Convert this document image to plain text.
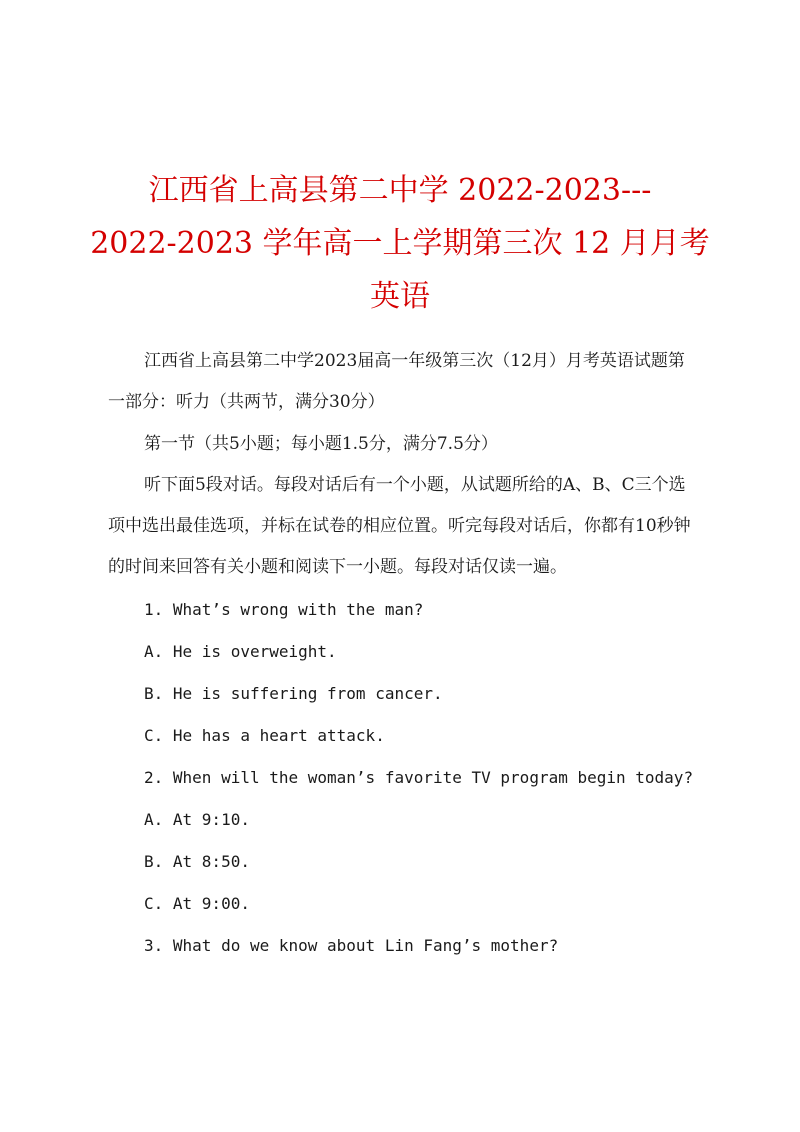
江西省上高县第二中学 2022-2023---
2022-2023 学年高一上学期第三次 12 月月考
英语
江西省上高县第二中学2023届高一年级第三次（12月）月考英语试题第一部分：听力（共两节，满分30分）
第一节（共5小题；每小题1.5分，满分7.5分）
听下面5段对话。每段对话后有一个小题，从试题所给的A、B、C三个选项中选出最佳选项，并标在试卷的相应位置。听完每段对话后，你都有10秒钟的时间来回答有关小题和阅读下一小题。每段对话仅读一遍。
1. What’s wrong with the man?
A. He is overweight.
B. He is suffering from cancer.
C. He has a heart attack.
2. When will the woman’s favorite TV program begin today?
A. At 9:10.
B. At 8:50.
C. At 9:00.
3. What do we know about Lin Fang’s mother?
